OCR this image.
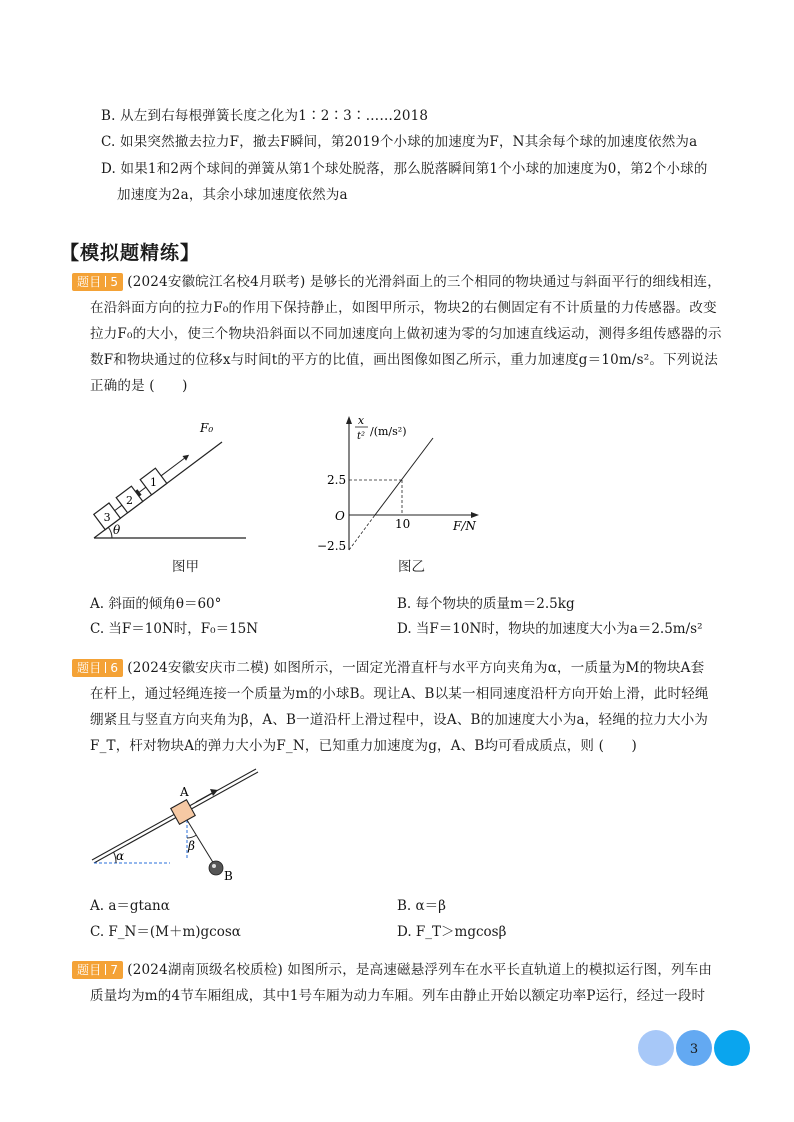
B. 从左到右每根弹簧长度之化为1∶2∶3∶……2018
C. 如果突然撤去拉力F，撤去F瞬间，第2019个小球的加速度为F，N其余每个球的加速度依然为a
D. 如果1和2两个球间的弹簧从第1个球处脱落，那么脱落瞬间第1个小球的加速度为0，第2个小球的
加速度为2a，其余小球加速度依然为a
【模拟题精练】
题目 5 (2024安徽皖江名校4月联考) 是够长的光滑斜面上的三个相同的物块通过与斜面平行的细线相连，
在沿斜面方向的拉力F₀的作用下保持静止，如图甲所示，物块2的右侧固定有不计质量的力传感器。改变
拉力F₀的大小，使三个物块沿斜面以不同加速度向上做初速为零的匀加速直线运动，测得多组传感器的示
数F和物块通过的位移x与时间t的平方的比值，画出图像如图乙所示，重力加速度g＝10m/s²。下列说法
正确的是 (　　)
θ
3
2
1
F₀
图甲
x
t² /(m/s²)
2.5
O
−2.5
10	F/N
图乙
A. 斜面的倾角θ＝60°	B. 每个物块的质量m＝2.5kg
C. 当F＝10N时，F₀＝15N	D. 当F＝10N时，物块的加速度大小为a＝2.5m/s²
题目 6 (2024安徽安庆市二模) 如图所示，一固定光滑直杆与水平方向夹角为α，一质量为M的物块A套
在杆上，通过轻绳连接一个质量为m的小球B。现让A、B以某一相同速度沿杆方向开始上滑，此时轻绳
绷紧且与竖直方向夹角为β，A、B一道沿杆上滑过程中，设A、B的加速度大小为a，轻绳的拉力大小为
F_T，杆对物块A的弹力大小为F_N，已知重力加速度为g，A、B均可看成质点，则 (　　)
α
A
β
B
A. a＝gtanα	B. α＝β
C. F_N＝(M＋m)gcosα	D. F_T＞mgcosβ
题目 7 (2024湖南顶级名校质检) 如图所示，是高速磁悬浮列车在水平长直轨道上的模拟运行图，列车由
质量均为m的4节车厢组成，其中1号车厢为动力车厢。列车由静止开始以额定功率P运行，经过一段时
3
